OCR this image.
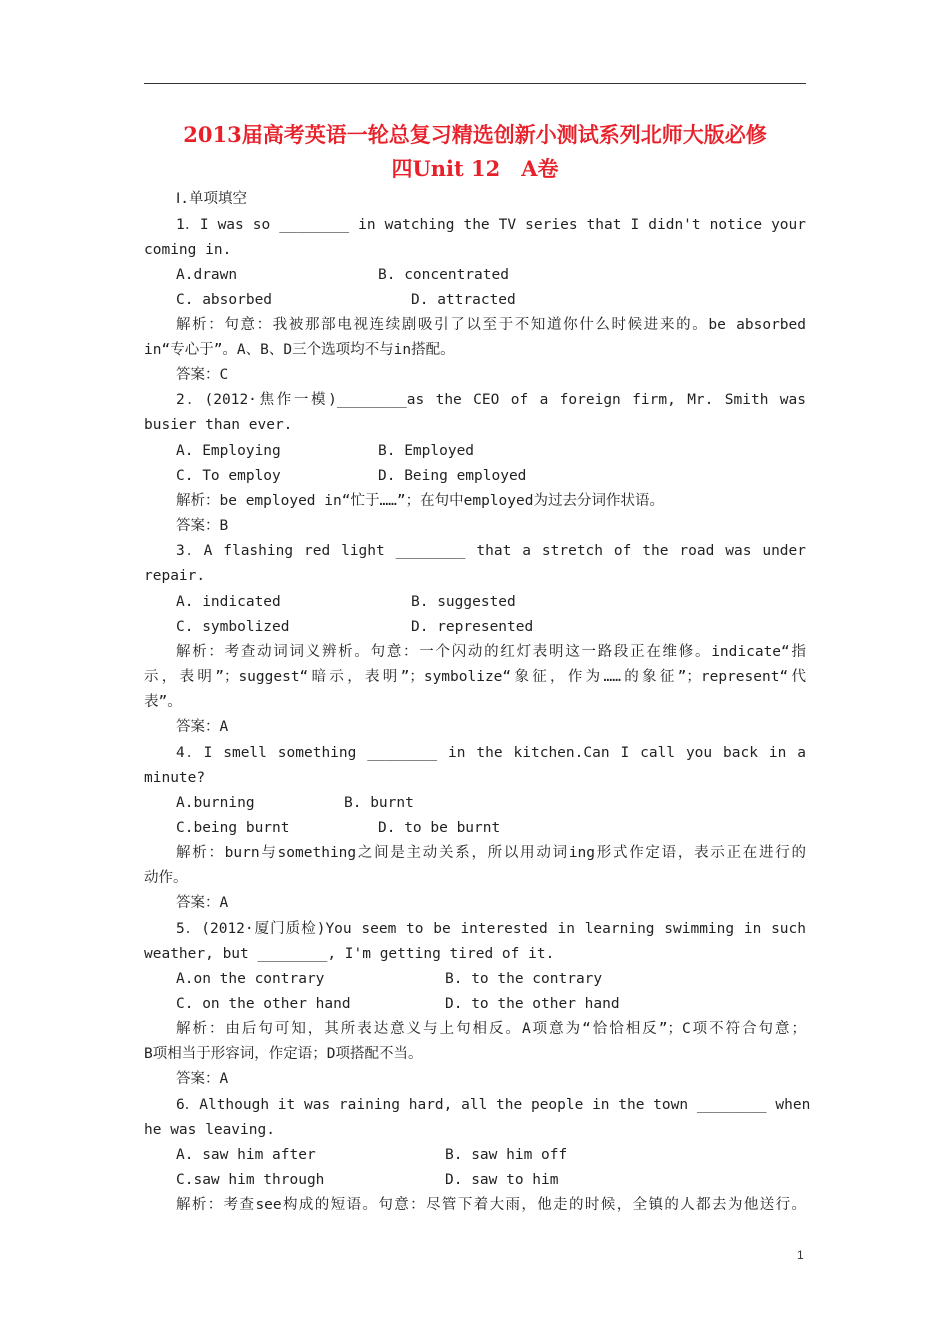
2013届高考英语一轮总复习精选创新小测试系列北师大版必修
四Unit 12　A卷
Ⅰ.单项填空
1．I was so ________ in watching the TV series that I didn't notice your
coming in.
A.drawn	B. concentrated
C. absorbed	D. attracted
解析：句意：我被那部电视连续剧吸引了以至于不知道你什么时候进来的。be absorbed
in“专心于”。A、B、D三个选项均不与in搭配。
答案：C
2．(2012·焦作一模)________as the CEO of a foreign firm, Mr. Smith was
busier than ever.
A. Employing	B. Employed
C. To employ	D. Being employed
解析：be employed in“忙于……”；在句中employed为过去分词作状语。
答案：B
3．A flashing red light ________ that a stretch of the road was under
repair.
A. indicated	B. suggested
C. symbolized	D. represented
解析：考查动词词义辨析。句意：一个闪动的红灯表明这一路段正在维修。indicate“指
示，表明”；suggest“暗示，表明”；symbolize“象征，作为……的象征”；represent“代
表”。
答案：A
4．I smell something ________ in the kitchen.Can I call you back in a
minute?
A.burning	B. burnt
C.being burnt	D. to be burnt
解析：burn与something之间是主动关系，所以用动词ing形式作定语，表示正在进行的
动作。
答案：A
5．(2012·厦门质检)You seem to be interested in learning swimming in such
weather, but ________, I'm getting tired of it.
A.on the contrary	B. to the contrary
C. on the other hand	D. to the other hand
解析：由后句可知，其所表达意义与上句相反。A项意为“恰恰相反”；C项不符合句意；
B项相当于形容词，作定语；D项搭配不当。
答案：A
6．Although it was raining hard, all the people in the town ________ when
he was leaving.
A. saw him after	B. saw him off
C.saw him through	D. saw to him
解析：考查see构成的短语。句意：尽管下着大雨，他走的时候，全镇的人都去为他送行。
1
